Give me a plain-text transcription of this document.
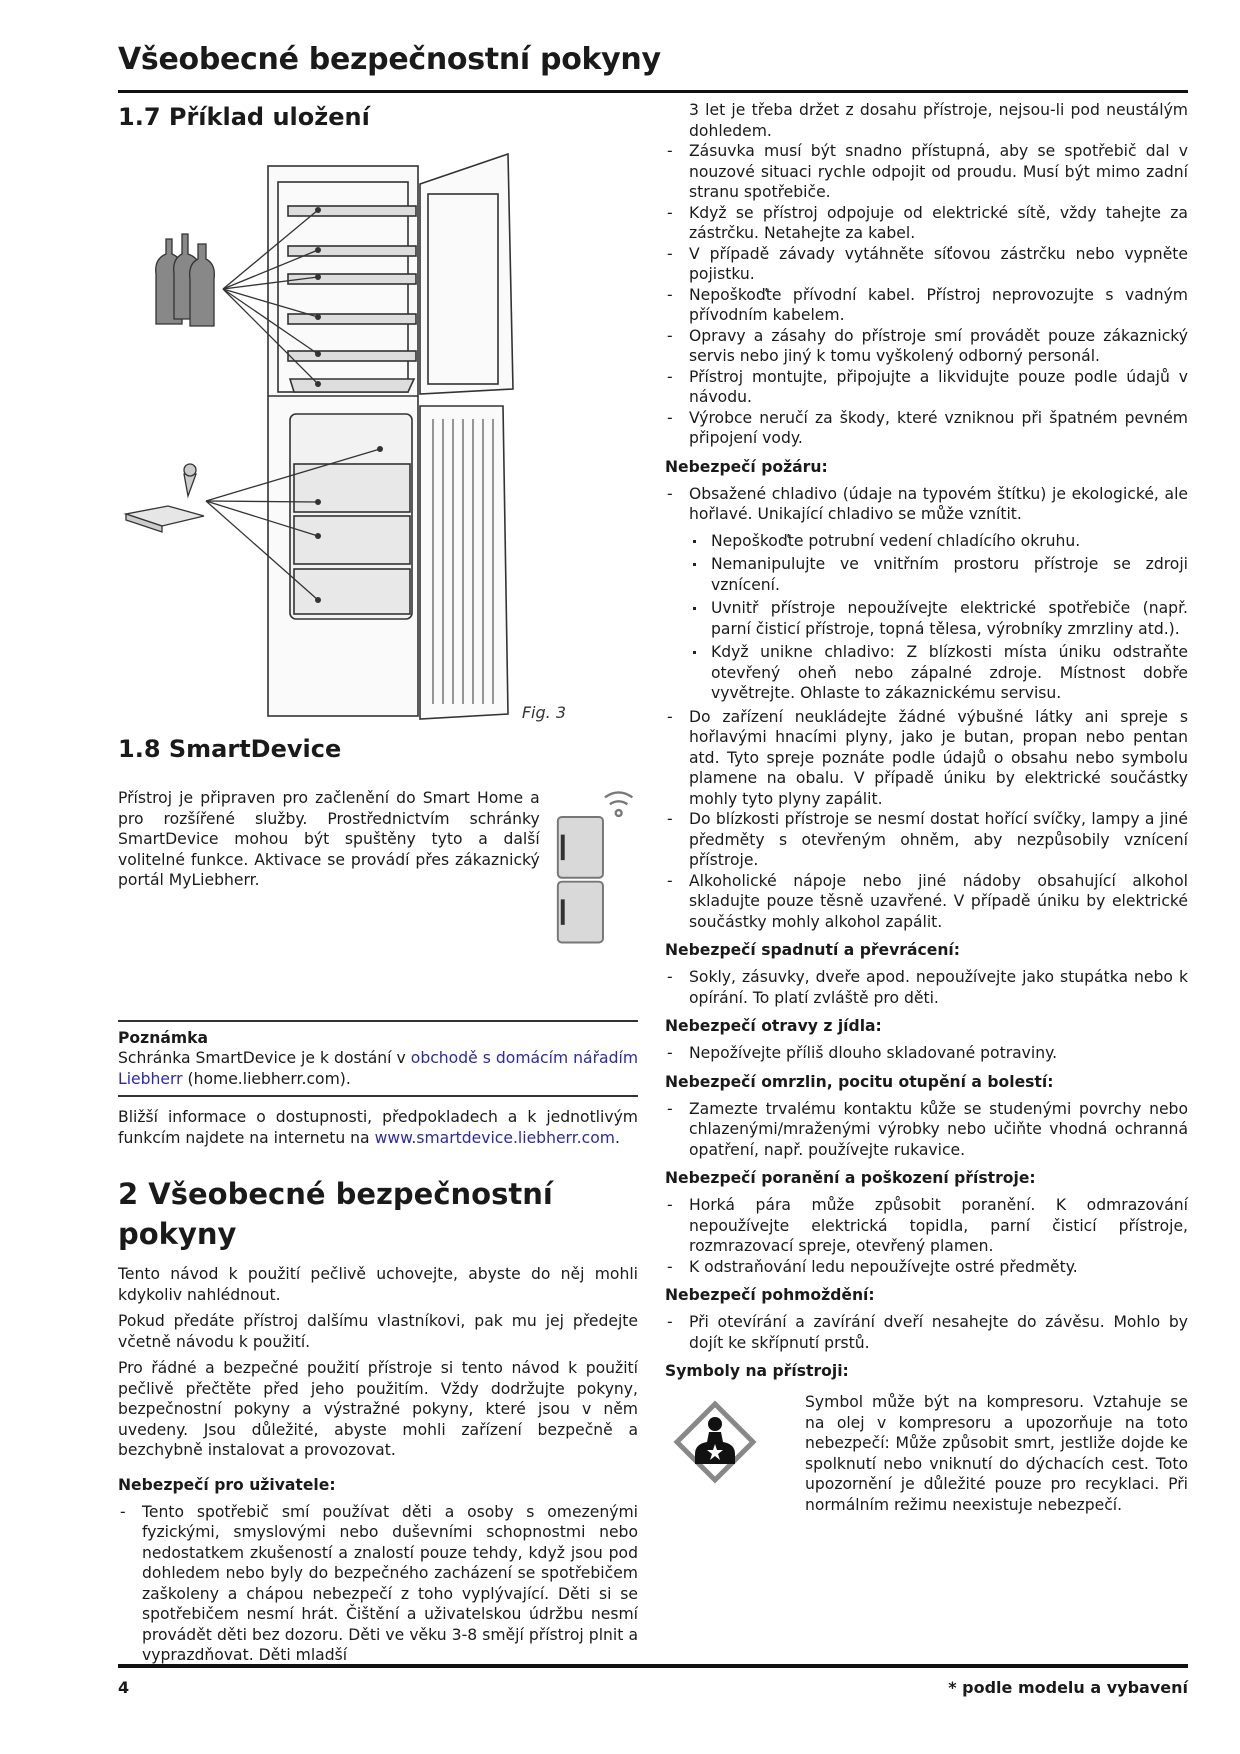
Všeobecné bezpečnostní pokyny
1.7 Příklad uložení
Fig. 3
1.8 SmartDevice

Přístroj je připraven pro začlenění do Smart Home a pro rozšířené služby. Prostřednictvím schránky SmartDevice mohou být spuštěny tyto a další volitelné funkce. Aktivace se provádí přes zákaznický portál MyLiebherr.

Poznámka

Schránka SmartDevice je k dostání v obchodě s domácím nářadím Liebherr (home.liebherr.com).

Bližší informace o dostupnosti, předpokladech a k jednotlivým funkcím najdete na internetu na www.smartdevice.liebherr.com.

2 Všeobecné bezpečnostní pokyny

Tento návod k použití pečlivě uchovejte, abyste do něj mohli kdykoliv nahlédnout.

Pokud předáte přístroj dalšímu vlastníkovi, pak mu jej předejte včetně návodu k použití.

Pro řádné a bezpečné použití přístroje si tento návod k použití pečlivě přečtěte před jeho použitím. Vždy dodržujte pokyny, bezpečnostní pokyny a výstražné pokyny, které jsou v něm uvedeny. Jsou důležité, abyste mohli zařízení bezpečně a bezchybně instalovat a provozovat.

Nebezpečí pro uživatele:
- Tento spotřebič smí používat děti a osoby s omezenými fyzickými, smyslovými nebo duševními schopnostmi nebo nedostatkem zkušeností a znalostí pouze tehdy, když jsou pod dohledem nebo byly do bezpečného zacházení se spotřebičem zaškoleny a chápou nebezpečí z toho vyplývající. Děti si se spotřebičem nesmí hrát. Čištění a uživatelskou údržbu nesmí provádět děti bez dozoru. Děti ve věku 3-8 smějí přístroj plnit a vyprazdňovat. Děti mladší
3 let je třeba držet z dosahu přístroje, nejsou-li pod neustálým dohledem.
- Zásuvka musí být snadno přístupná, aby se spotřebič dal v nouzové situaci rychle odpojit od proudu. Musí být mimo zadní stranu spotřebiče.
- Když se přístroj odpojuje od elektrické sítě, vždy tahejte za zástrčku. Netahejte za kabel.
- V případě závady vytáhněte síťovou zástrčku nebo vypněte pojistku.
- Nepoškoďte přívodní kabel. Přístroj neprovozujte s vadným přívodním kabelem.
- Opravy a zásahy do přístroje smí provádět pouze zákaznický servis nebo jiný k tomu vyškolený odborný personál.
- Přístroj montujte, připojujte a likvidujte pouze podle údajů v návodu.
- Výrobce neručí za škody, které vzniknou při špatném pevném připojení vody.
Nebezpečí požáru:
- Obsažené chladivo (údaje na typovém štítku) je ekologické, ale hořlavé. Unikající chladivo se může vznítit.
Nepoškoďte potrubní vedení chladícího okruhu.
Nemanipulujte ve vnitřním prostoru přístroje se zdroji vznícení.
Uvnitř přístroje nepoužívejte elektrické spotřebiče (např. parní čisticí přístroje, topná tělesa, výrobníky zmrzliny atd.).
Když unikne chladivo: Z blízkosti místa úniku odstraňte otevřený oheň nebo zápalné zdroje. Místnost dobře vyvětrejte. Ohlaste to zákaznickému servisu.
- Do zařízení neukládejte žádné výbušné látky ani spreje s hořlavými hnacími plyny, jako je butan, propan nebo pentan atd. Tyto spreje poznáte podle údajů o obsahu nebo symbolu plamene na obalu. V případě úniku by elektrické součástky mohly tyto plyny zapálit.
- Do blízkosti přístroje se nesmí dostat hořící svíčky, lampy a jiné předměty s otevřeným ohněm, aby nezpůsobily vznícení přístroje.
- Alkoholické nápoje nebo jiné nádoby obsahující alkohol skladujte pouze těsně uzavřené. V případě úniku by elektrické součástky mohly alkohol zapálit.
Nebezpečí spadnutí a převrácení:
- Sokly, zásuvky, dveře apod. nepoužívejte jako stupátka nebo k opírání. To platí zvláště pro děti.
Nebezpečí otravy z jídla:
- Nepožívejte příliš dlouho skladované potraviny.
Nebezpečí omrzlin, pocitu otupění a bolestí:
- Zamezte trvalému kontaktu kůže se studenými povrchy nebo chlazenými/mraženými výrobky nebo učiňte vhodná ochranná opatření, např. používejte rukavice.
Nebezpečí poranění a poškození přístroje:
- Horká pára může způsobit poranění. K odmrazování nepoužívejte elektrická topidla, parní čisticí přístroje, rozmrazovací spreje, otevřený plamen.
- K odstraňování ledu nepoužívejte ostré předměty.
Nebezpečí pohmoždění:
- Při otevírání a zavírání dveří nesahejte do závěsu. Mohlo by dojít ke skřípnutí prstů.
Symboly na přístroji:

Symbol může být na kompresoru. Vztahuje se na olej v kompresoru a upozorňuje na toto nebezpečí: Může způsobit smrt, jestliže dojde ke spolknutí nebo vniknutí do dýchacích cest. Toto upozornění je důležité pouze pro recyklaci. Při normálním režimu neexistuje nebezpečí.

4	* podle modelu a vybavení
